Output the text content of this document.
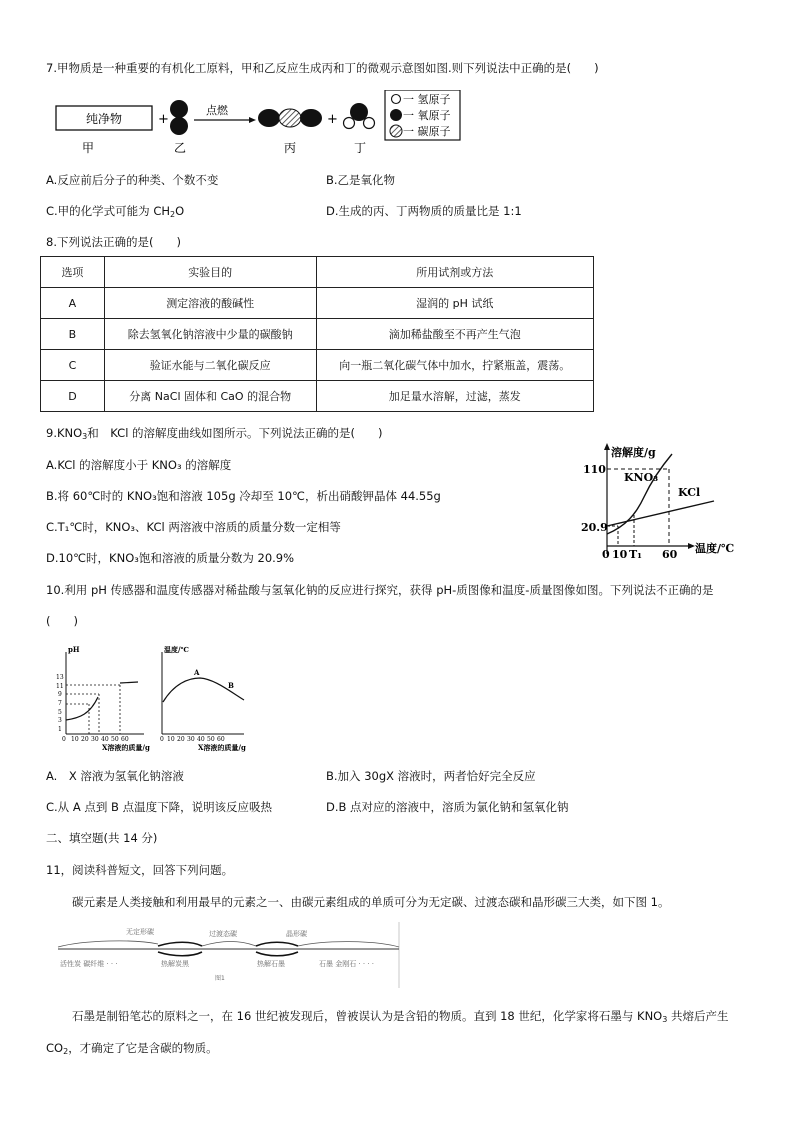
7.甲物质是一种重要的有机化工原料，甲和乙反应生成丙和丁的微观示意图如图.则下列说法中正确的是(　　)
纯净物	+
点燃
+
一 氢原子
一 氧原子
一 碳原子
甲	乙	丙	丁
A.反应前后分子的种类、个数不变	B.乙是氧化物
C.甲的化学式可能为 $CH_2O$	D.生成的丙、丁两物质的质量比是 1:1
8.下列说法正确的是(　　)
选项	实验目的	所用试剂或方法
A	测定溶液的酸碱性	湿润的 pH 试纸
B	除去氢氧化钠溶液中少量的碳酸钠	滴加稀盐酸至不再产生气泡
C	验证水能与二氧化碳反应	向一瓶二氧化碳气体中加水，拧紧瓶盖，震荡。
D	分离 NaCl 固体和 CaO 的混合物	加足量水溶解，过滤，蒸发
$9.KNO_3$和　KCl 的溶解度曲线如图所示。下列说法正确的是(　　)
A.KCl 的溶解度小于 KNO₃ 的溶解度
B.将 60℃时的 KNO₃饱和溶液 105g 冷却至 10℃，析出硝酸钾晶体 44.55g
C.T₁℃时，KNO₃、KCl 两溶液中溶质的质量分数一定相等
D.10℃时，KNO₃饱和溶液的质量分数为 20.9%
溶解度/g
温度/℃
110
20.9
KNO₃
KCl
0 10 T₁ 60
10.利用 pH 传感器和温度传感器对稀盐酸与氢氧化钠的反应进行探究，获得 pH-质图像和温度-质量图像如图。下列说法不正确的是
(　　)
pH
13
11
9
7
5
3
1
0 10 20 30 40 50 60
X溶液的质量/g
温度/℃
0 10 20 30 40 50 60
X溶液的质量/g
A
B
A.　X 溶液为氢氧化钠溶液	B.加入 30gX 溶液时，两者恰好完全反应
C.从 A 点到 B 点温度下降，说明该反应吸热	D.B 点对应的溶液中，溶质为氯化钠和氢氧化钠
二、填空题(共 14 分)
11，阅读科普短文，回答下列问题。
碳元素是人类接触和利用最早的元素之一、由碳元素组成的单质可分为无定碳、过渡态碳和晶形碳三大类，如下图 1。
无定形碳	过渡态碳	晶形碳
活性炭 碳纤维 · · ·	热解炭黑	热解石墨	石墨 金刚石 · · · ·
图1
石墨是制铅笔芯的原料之一，在 16 世纪被发现后，曾被误认为是含铅的物质。直到 18 世纪，化学家将石墨与 $KNO_3$ 共熔后产生
$CO_2$，才确定了它是含碳的物质。
